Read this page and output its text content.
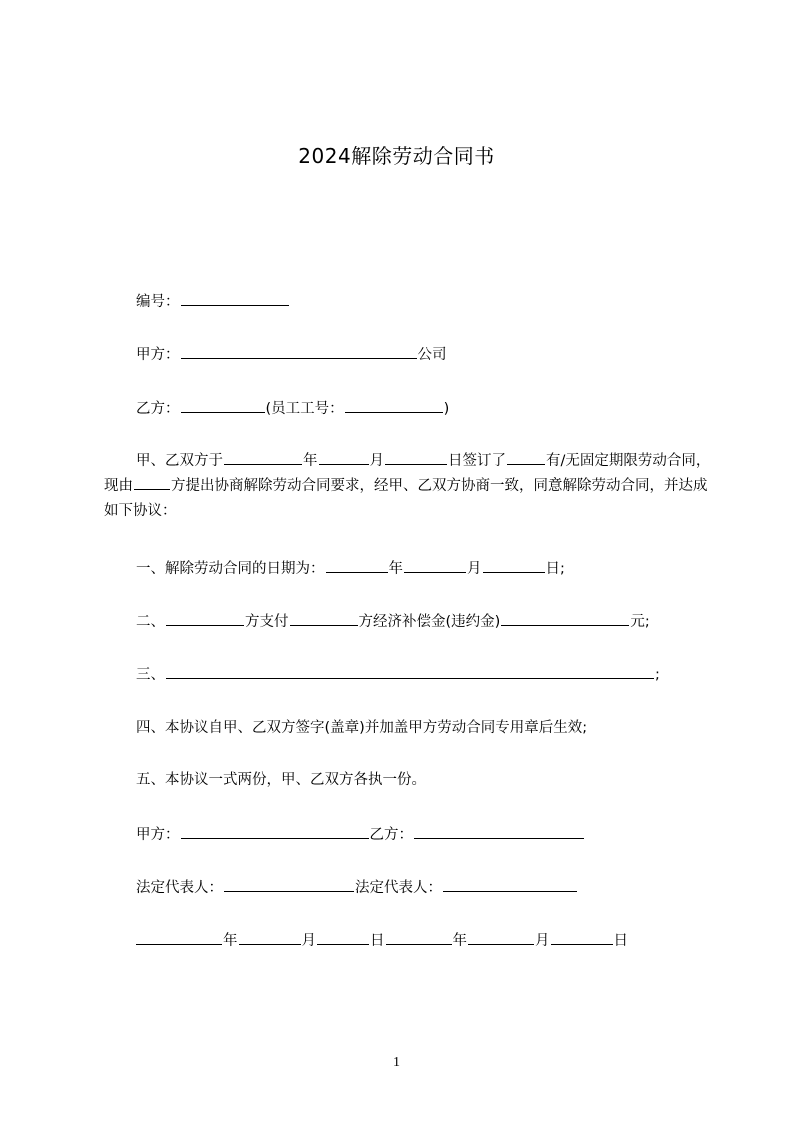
2024解除劳动合同书
编号：
甲方：	公司
乙方：	(员工工号：	)
甲、乙双方于	年	月	日签订了	有/无固定期限劳动合同，现由	方提出协商解除劳动合同要求，经甲、乙双方协商一致，同意解除劳动合同，并达成如下协议：
一、解除劳动合同的日期为：	年	月	日;
二、	方支付	方经济补偿金(违约金)	元;
三、	;
四、本协议自甲、乙双方签字(盖章)并加盖甲方劳动合同专用章后生效;
五、本协议一式两份，甲、乙双方各执一份。
甲方：	乙方：
法定代表人：	法定代表人：
年	月	日	年	月	日
1
